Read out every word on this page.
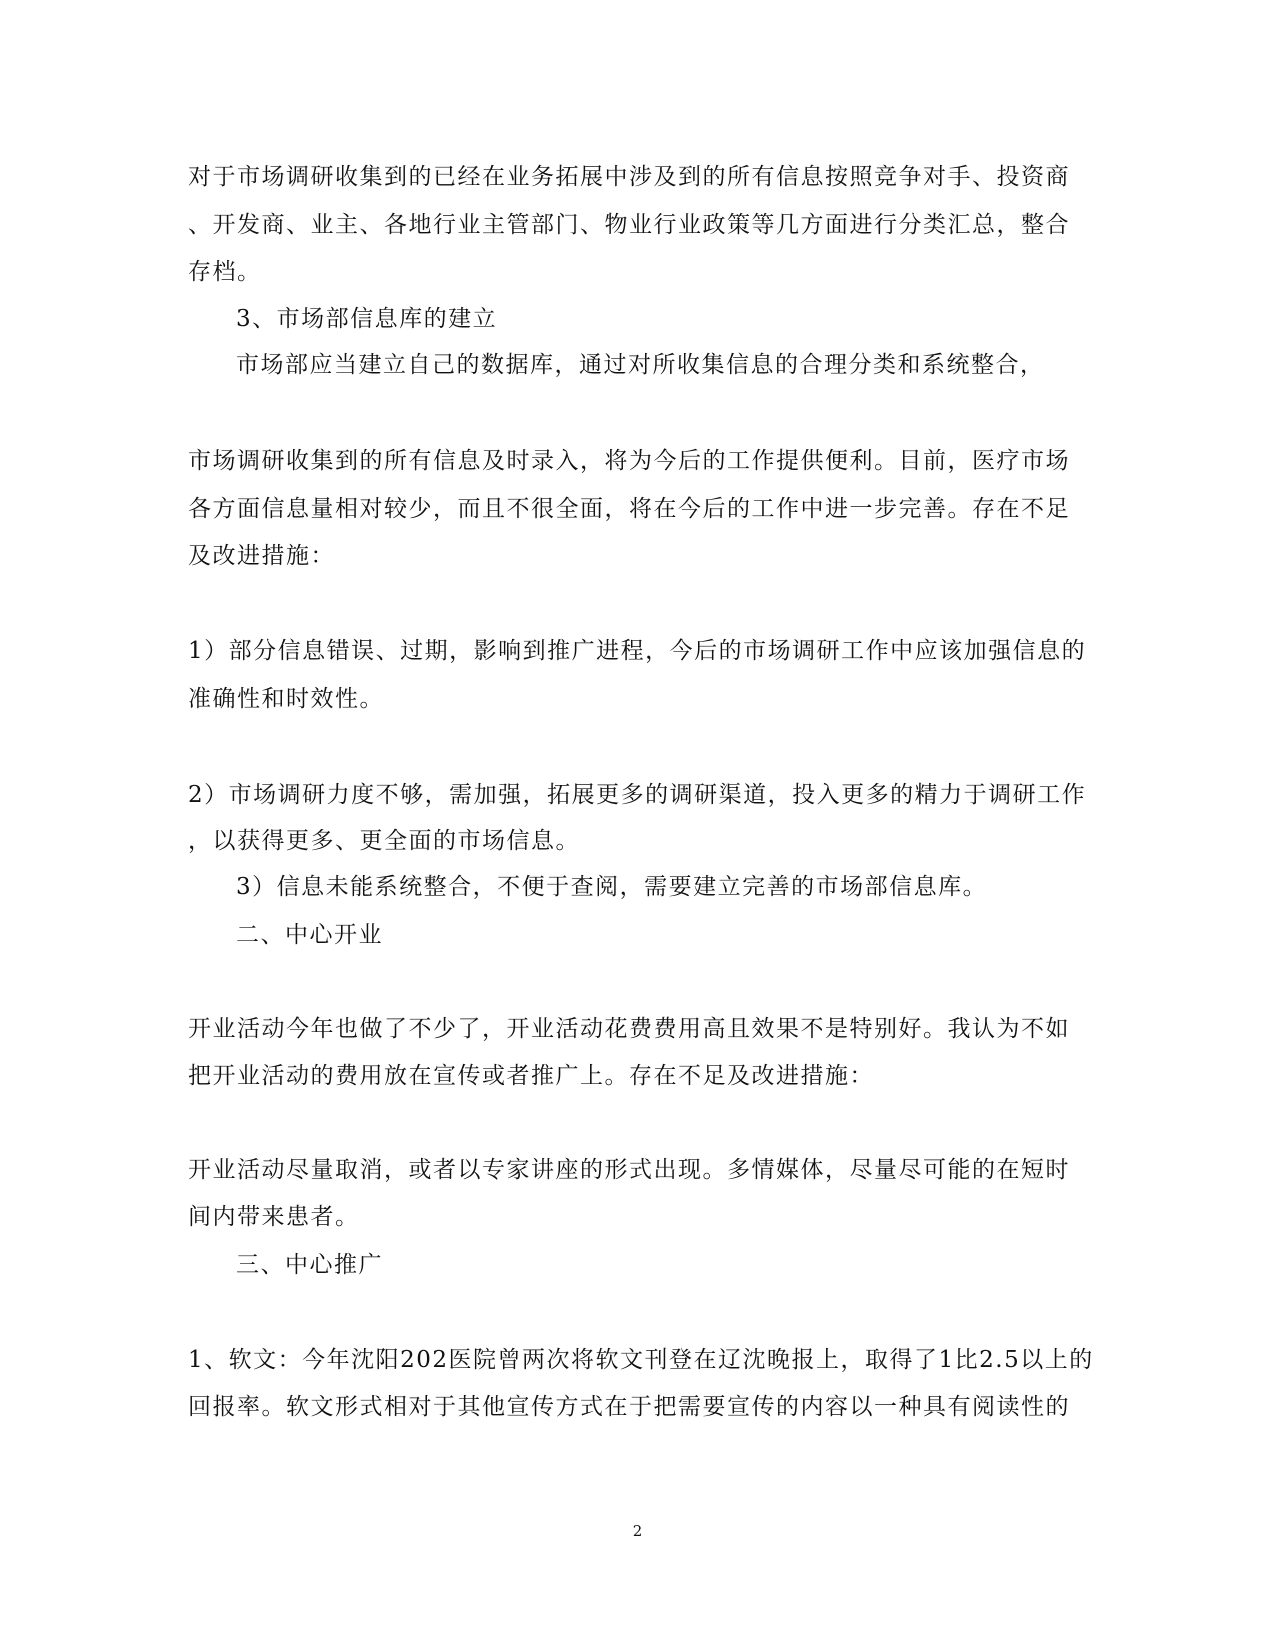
对于市场调研收集到的已经在业务拓展中涉及到的所有信息按照竞争对手、投资商
、开发商、业主、各地行业主管部门、物业行业政策等几方面进行分类汇总，整合
存档。
3、市场部信息库的建立
市场部应当建立自己的数据库，通过对所收集信息的合理分类和系统整合，
市场调研收集到的所有信息及时录入，将为今后的工作提供便利。目前，医疗市场
各方面信息量相对较少，而且不很全面，将在今后的工作中进一步完善。存在不足
及改进措施：
1）部分信息错误、过期，影响到推广进程，今后的市场调研工作中应该加强信息的
准确性和时效性。
2）市场调研力度不够，需加强，拓展更多的调研渠道，投入更多的精力于调研工作
，以获得更多、更全面的市场信息。
3）信息未能系统整合，不便于查阅，需要建立完善的市场部信息库。
二、中心开业
开业活动今年也做了不少了，开业活动花费费用高且效果不是特别好。我认为不如
把开业活动的费用放在宣传或者推广上。存在不足及改进措施：
开业活动尽量取消，或者以专家讲座的形式出现。多情媒体，尽量尽可能的在短时
间内带来患者。
三、中心推广
1、软文：今年沈阳202医院曾两次将软文刊登在辽沈晚报上，取得了1比2.5以上的
回报率。软文形式相对于其他宣传方式在于把需要宣传的内容以一种具有阅读性的
2
